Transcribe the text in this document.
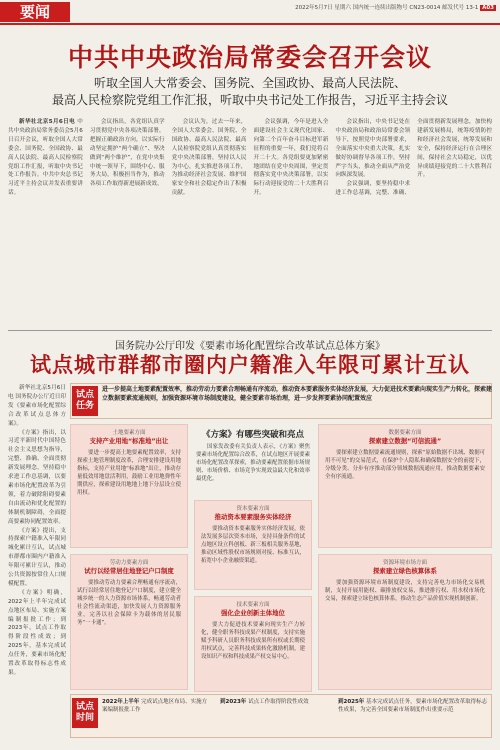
要闻	2022年5月7日 星期六 国内统一连续出版物号 CN23-0014 邮发代号 13-1 A03
中共中央政治局常委会召开会议
听取全国人大常委会、国务院、全国政协、最高人民法院、
最高人民检察院党组工作汇报，听取中央书记处工作报告，习近平主持会议

新华社北京5月6日电 中共中央政治局常务委员会5月6日召开会议，听取全国人大常委会、国务院、全国政协、最高人民法院、最高人民检察院党组工作汇报，听取中央书记处工作报告。中共中央总书记习近平主持会议并发表重要讲话。

会议指出，各党组认真学习贯彻党中央各项决策部署，把握正确政治方向，以实际行动坚定拥护“两个确立”、坚决做到“两个维护”，在党中央集中统一领导下，围绕中心、服务大局，积极担当作为，推动各项工作取得新进展新成效。

会议认为，过去一年来，全国人大常委会、国务院、全国政协、最高人民法院、最高人民检察院党组认真贯彻落实党中央决策部署，坚持以人民为中心，扎实推进各项工作，为推动经济社会发展、维护国家安全和社会稳定作出了积极贡献。

会议强调，今年是进入全面建设社会主义现代化国家、向第二个百年奋斗目标进军新征程的重要一年，我们党将召开二十大。各党组要更加紧密地团结在党中央周围，坚定贯彻落实党中央决策部署，以实际行动迎接党的二十大胜利召开。

会议指出，中央书记处在中央政治局和政治局常委会领导下，按照党中央部署要求，全面落实中央重大决策，扎实做好协调督导各项工作，坚持严字当头，推动全面从严治党向纵深发展。

会议强调，要坚持稳中求进工作总基调，完整、准确、全面贯彻新发展理念，加快构建新发展格局，统筹疫情防控和经济社会发展，统筹发展和安全，保持经济运行在合理区间，保持社会大局稳定，以优异成绩迎接党的二十大胜利召开。

国务院办公厅印发《要素市场化配置综合改革试点总体方案》
试点城市群都市圈内户籍准入年限可累计互认

新华社北京5月6日电 国务院办公厅近日印发《要素市场化配置综合改革试点总体方案》。

《方案》指出，以习近平新时代中国特色社会主义思想为指导，完整、准确、全面贯彻新发展理念，坚持稳中求进工作总基调，以要素市场化配置改革为引领，着力破除阻碍要素自由流动和优化配置的体制机制障碍，全面提高要素协同配置效率。

《方案》提出，支持探索户籍准入年限同城化累计互认，试点城市群都市圈内户籍准入年限可累计互认，推动公共资源按常住人口规模配置。

《方案》明确，2022年上半年完成试点地区布局、实施方案编制报批工作；到2023年，试点工作取得阶段性成效；到2025年，基本完成试点任务，要素市场化配置改革取得标志性成果。

试点任务
进一步提高土地要素配置效率，推动劳动力要素合理畅通有序流动，推动资本要素服务实体经济发展，大力促进技术要素向现实生产力转化，探索建立数据要素流通规则，加强资源环境市场制度建设，健全要素市场治理，进一步发挥要素协同配置效应
土地要素方面
支持产业用地“标准地”出让
要进一步提高土地要素配置效率，支持探索土地管理制度改革，合理安排建设用地指标，支持产业用地“标准地”出让，推动存量低效用地盘活利用，鼓励工业用地弹性年期供应，探索建设用地地上地下分层设立使用权。
劳动力要素方面
试行以经常居住地登记户口制度
要推动劳动力要素合理畅通有序流动，试行以经常居住地登记户口制度，建立健全城乡统一的人力资源市场体系，畅通劳动者社会性流动渠道，加快发展人力资源服务业，完善以社会保障卡为载体的居民服务“一卡通”。
《方案》有哪些突破和亮点
国家发改委有关负责人表示，《方案》聚焦要素市场化配置综合改革，在试点地区开展要素市场化配置改革探索，推动要素配置依据市场规则、市场价格、市场竞争实现效益最大化和效率最优化。
资本要素方面
推动资本要素服务实体经济
要推动资本要素服务实体经济发展，依法发展多层次资本市场，支持具备条件的试点地区设立科创板、新三板相关服务基地，推动区域性股权市场规则对接、标准互认，拓宽中小企业融资渠道。
技术要素方面
强化企业创新主体地位
要大力促进技术要素向现实生产力转化，健全职务科技成果产权制度，支持实施赋予科研人员职务科技成果所有权或长期使用权试点，完善科技成果转化激励机制，建设知识产权和科技成果产权交易中心。
数据要素方面
探索建立数据“可信流通”
要探索建立数据要素流通规则，探索“原始数据不出域、数据可用不可见”的交易范式，在保护个人隐私和确保数据安全的前提下，分级分类、分步有序推动部分领域数据流通应用，推动数据要素安全有序流通。
资源环境市场方面
探索建立绿色核算体系
要加强资源环境市场制度建设，支持完善电力市场化交易机制，支持开展用能权、碳排放权交易，推进排污权、用水权市场化交易，探索建立绿色核算体系，推动生态产品价值实现机制创新。
试点时间
2022年上半年 完成试点地区布局、实施方案编制报批工作
到2023年 试点工作取得阶段性成效	到2025年 基本完成试点任务，要素市场化配置改革取得标志性成果，为完善全国要素市场制度作出重要示范
